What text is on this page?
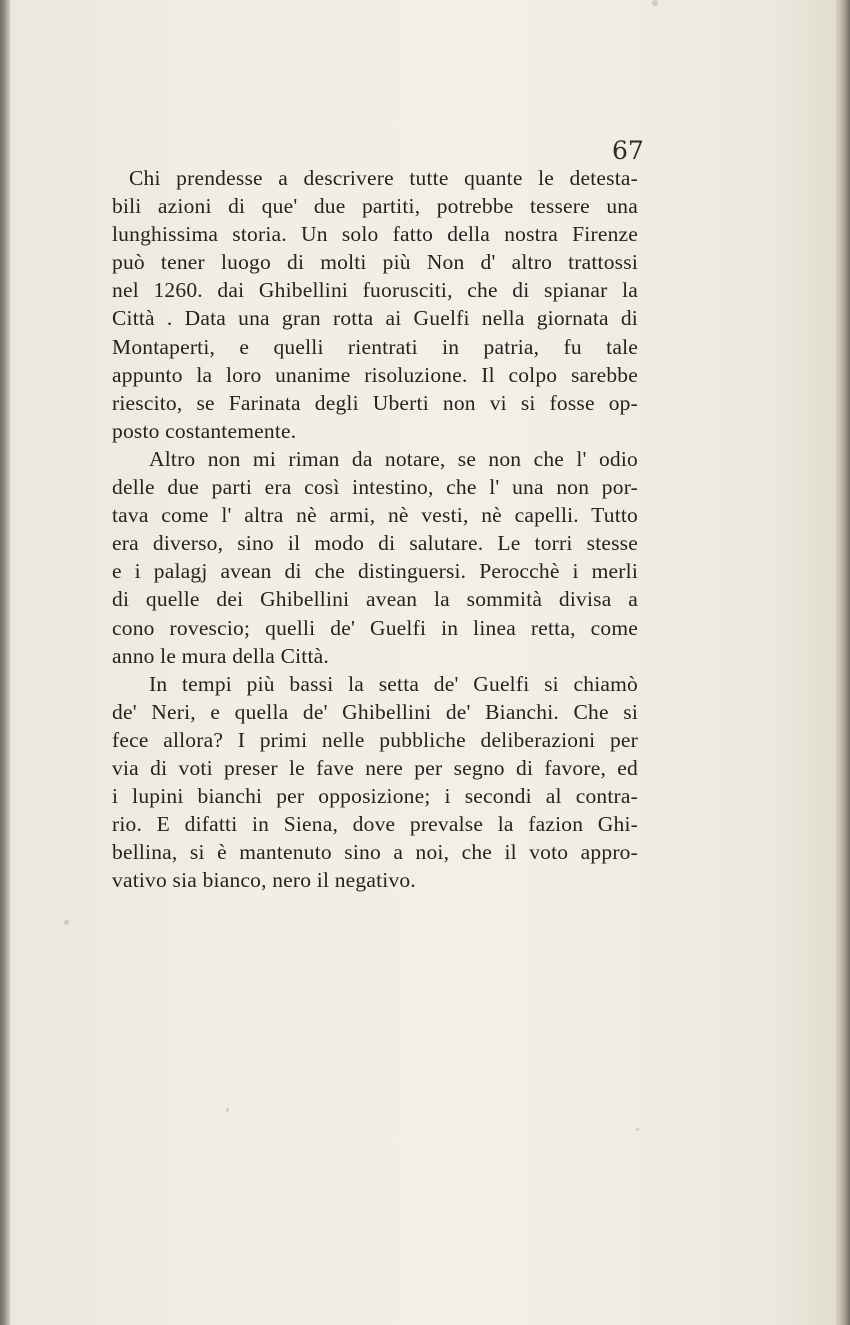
67
Chi prendesse a descrivere tutte quante le detesta-
bili azioni di que' due partiti, potrebbe tessere una
lunghissima storia. Un solo fatto della nostra Firenze
può tener luogo di molti più Non d' altro trattossi
nel 1260. dai Ghibellini fuorusciti, che di spianar la
Città . Data una gran rotta ai Guelfi nella giornata di
Montaperti, e quelli rientrati in patria, fu tale
appunto la loro unanime risoluzione. Il colpo sarebbe
riescito, se Farinata degli Uberti non vi si fosse op-
posto costantemente.
Altro non mi riman da notare, se non che l' odio
delle due parti era così intestino, che l' una non por-
tava come l' altra nè armi, nè vesti, nè capelli. Tutto
era diverso, sino il modo di salutare. Le torri stesse
e i palagj avean di che distinguersi. Perocchè i merli
di quelle dei Ghibellini avean la sommità divisa a
cono rovescio; quelli de' Guelfi in linea retta, come
anno le mura della Città.
In tempi più bassi la setta de' Guelfi si chiamò
de' Neri, e quella de' Ghibellini de' Bianchi. Che si
fece allora? I primi nelle pubbliche deliberazioni per
via di voti preser le fave nere per segno di favore, ed
i lupini bianchi per opposizione; i secondi al contra-
rio. E difatti in Siena, dove prevalse la fazion Ghi-
bellina, si è mantenuto sino a noi, che il voto appro-
vativo sia bianco, nero il negativo.
